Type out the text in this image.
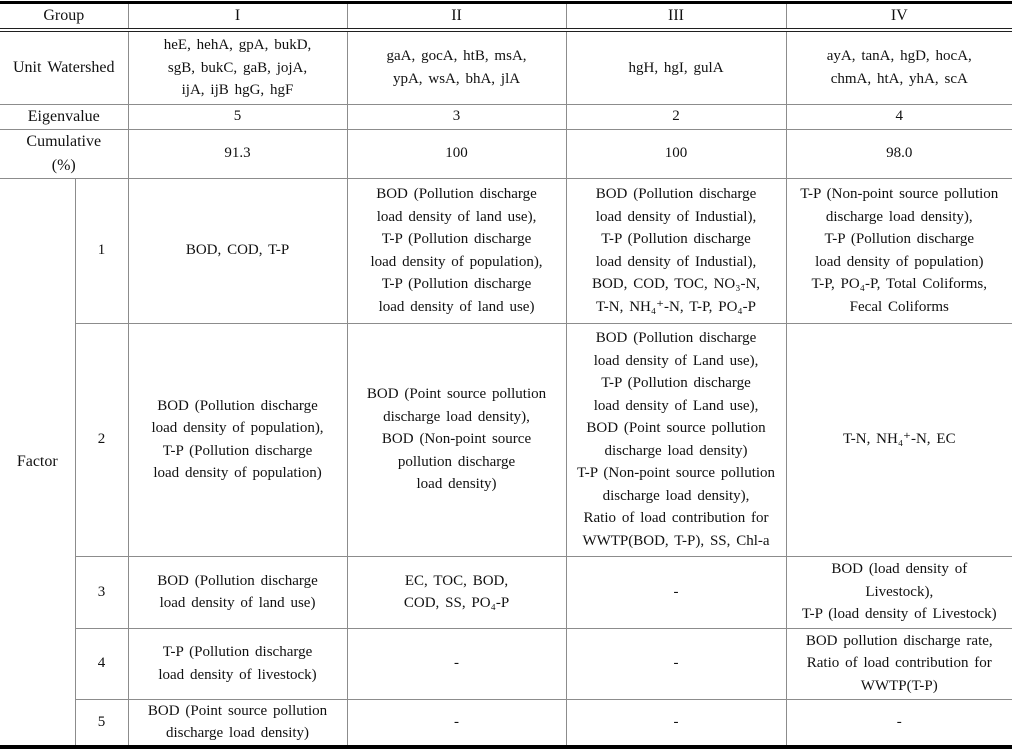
Group		I	II	III	IV
Unit Watershed		heE, hehA, gpA, bukD,
sgB, bukC, gaB, jojA,
ijA, ijB hgG, hgF	gaA, gocA, htB, msA,
ypA, wsA, bhA, jlA	hgH, hgI, gulA	ayA, tanA, hgD, hocA,
chmA, htA, yhA, scA
Eigenvalue		5	3	2	4
Cumulative
(%)		91.3	100	100	98.0
Factor	1	BOD, COD, T-P	BOD (Pollution discharge
load density of land use),
T-P (Pollution discharge
load density of population),
T-P (Pollution discharge
load density of land use)	BOD (Pollution discharge
load density of Industial),
T-P (Pollution discharge
load density of Industial),
BOD, COD, TOC, NO₃-N,
T-N, NH₄⁺-N, T-P, PO₄-P	T-P (Non-point source pollution
discharge load density),
T-P (Pollution discharge
load density of population)
T-P, PO₄-P, Total Coliforms,
Fecal Coliforms
2	BOD (Pollution discharge
load density of population),
T-P (Pollution discharge
load density of population)	BOD (Point source pollution
discharge load density),
BOD (Non-point source
pollution discharge
load density)	BOD (Pollution discharge
load density of Land use),
T-P (Pollution discharge
load density of Land use),
BOD (Point source pollution
discharge load density)
T-P (Non-point source pollution
discharge load density),
Ratio of load contribution for
WWTP(BOD, T-P), SS, Chl-a	T-N, NH₄⁺-N, EC
	3	BOD (Pollution discharge
load density of land use)	EC, TOC, BOD,
COD, SS, PO₄-P	-	BOD (load density of
Livestock),
T-P (load density of Livestock)
	4	T-P (Pollution discharge
load density of livestock)	-	-	BOD pollution discharge rate,
Ratio of load contribution for
WWTP(T-P)
	5	BOD (Point source pollution
discharge load density)	-	-	-
